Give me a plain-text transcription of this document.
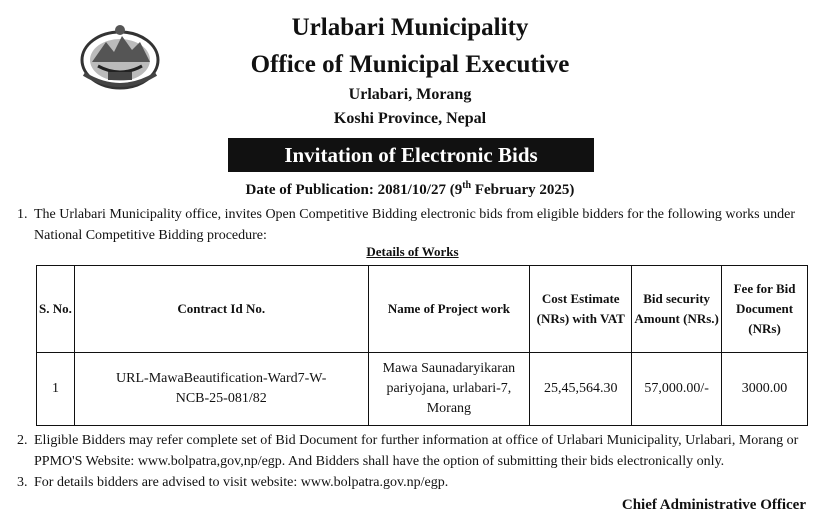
Urlabari Municipality
Office of Municipal Executive
Urlabari, Morang
Koshi Province, Nepal
Invitation of Electronic Bids
Date of Publication: 2081/10/27 (9th February 2025)
1. The Urlabari Municipality office, invites Open Competitive Bidding electronic bids from eligible bidders for the following works under National Competitive Bidding procedure:
Details of Works
S. No.	Contract Id No.	Name of Project work	Cost Estimate (NRs) with VAT	Bid security Amount (NRs.)	Fee for Bid Document (NRs)
1	URL-MawaBeautification-Ward7-W-NCB-25-081/82	Mawa Saunadaryikaran pariyojana, urlabari-7, Morang	25,45,564.30	57,000.00/-	3000.00
2. Eligible Bidders may refer complete set of Bid Document for further information at office of Urlabari Municipality, Urlabari, Morang or PPMO'S Website: www.bolpatra,gov,np/egp. And Bidders shall have the option of submitting their bids electronically only.
3. For details bidders are advised to visit website: www.bolpatra.gov.np/egp.
Chief Administrative Officer
